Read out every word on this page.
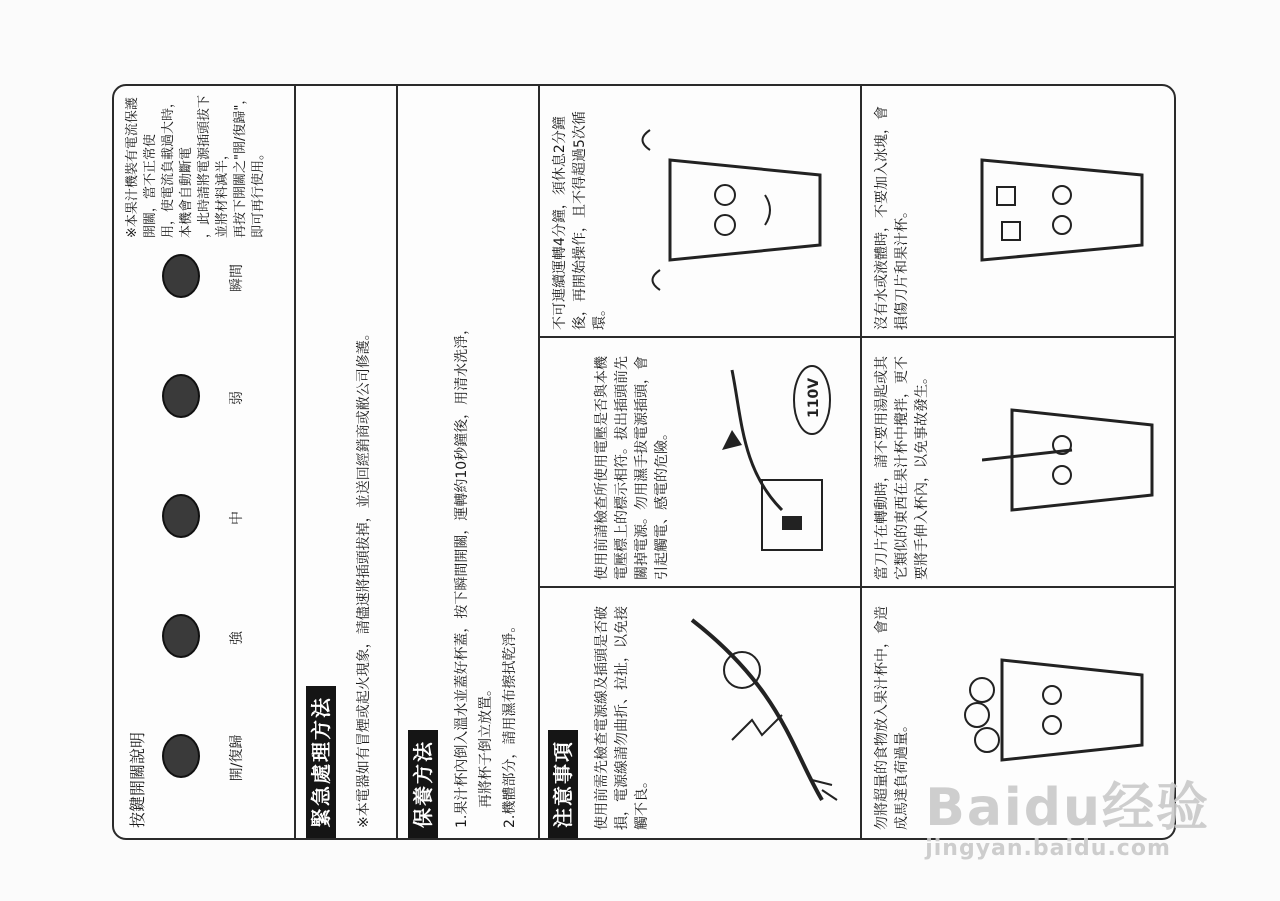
按鍵開關說明	開/復歸
強
中
弱
瞬間
※本果汁機裝有電流保護開關，當不正常使 用，使電流負載過大時，本機會自動斷電 ，此時請將電源插頭拔下並將材料減半， 再按下開關之"開/復歸"，即可再行使用。
緊急處理方法 ※本電器如有冒煙或起火現象，請儘速將插頭拔掉，並送回經銷商或敝公司修護。 保養方法 1.果汁杯內倒入溫水並蓋好杯蓋，按下瞬間開關，運轉約10秒鐘後，用清水洗淨， 再將杯子倒立放置。 2.機體部分，請用濕布擦拭乾淨。 注意事項 使用前需先檢查電源線及插頭是否破損，電源線請勿曲折、拉扯，以免接觸不良。
使用前請檢查所使用電壓是否與本機電壓標上的標示相符。拔出插頭前先關掉電源。勿用濕手拔電源插頭，會引起觸電、感電的危險。
110V
不可連續運轉4分鐘，須休息2分鐘後，再開始操作，且不得超過5次循環。
勿將超量的食物放入果汁杯中，會造成馬達負荷過量。
當刀片在轉動時，請不要用湯匙或其它類似的東西在果汁杯中攪拌，更不要將手伸入杯內，以免事故發生。
沒有水或液體時，不要加入冰塊，會損傷刀片和果汁杯。
Baidu经验
jingyan.baidu.com
